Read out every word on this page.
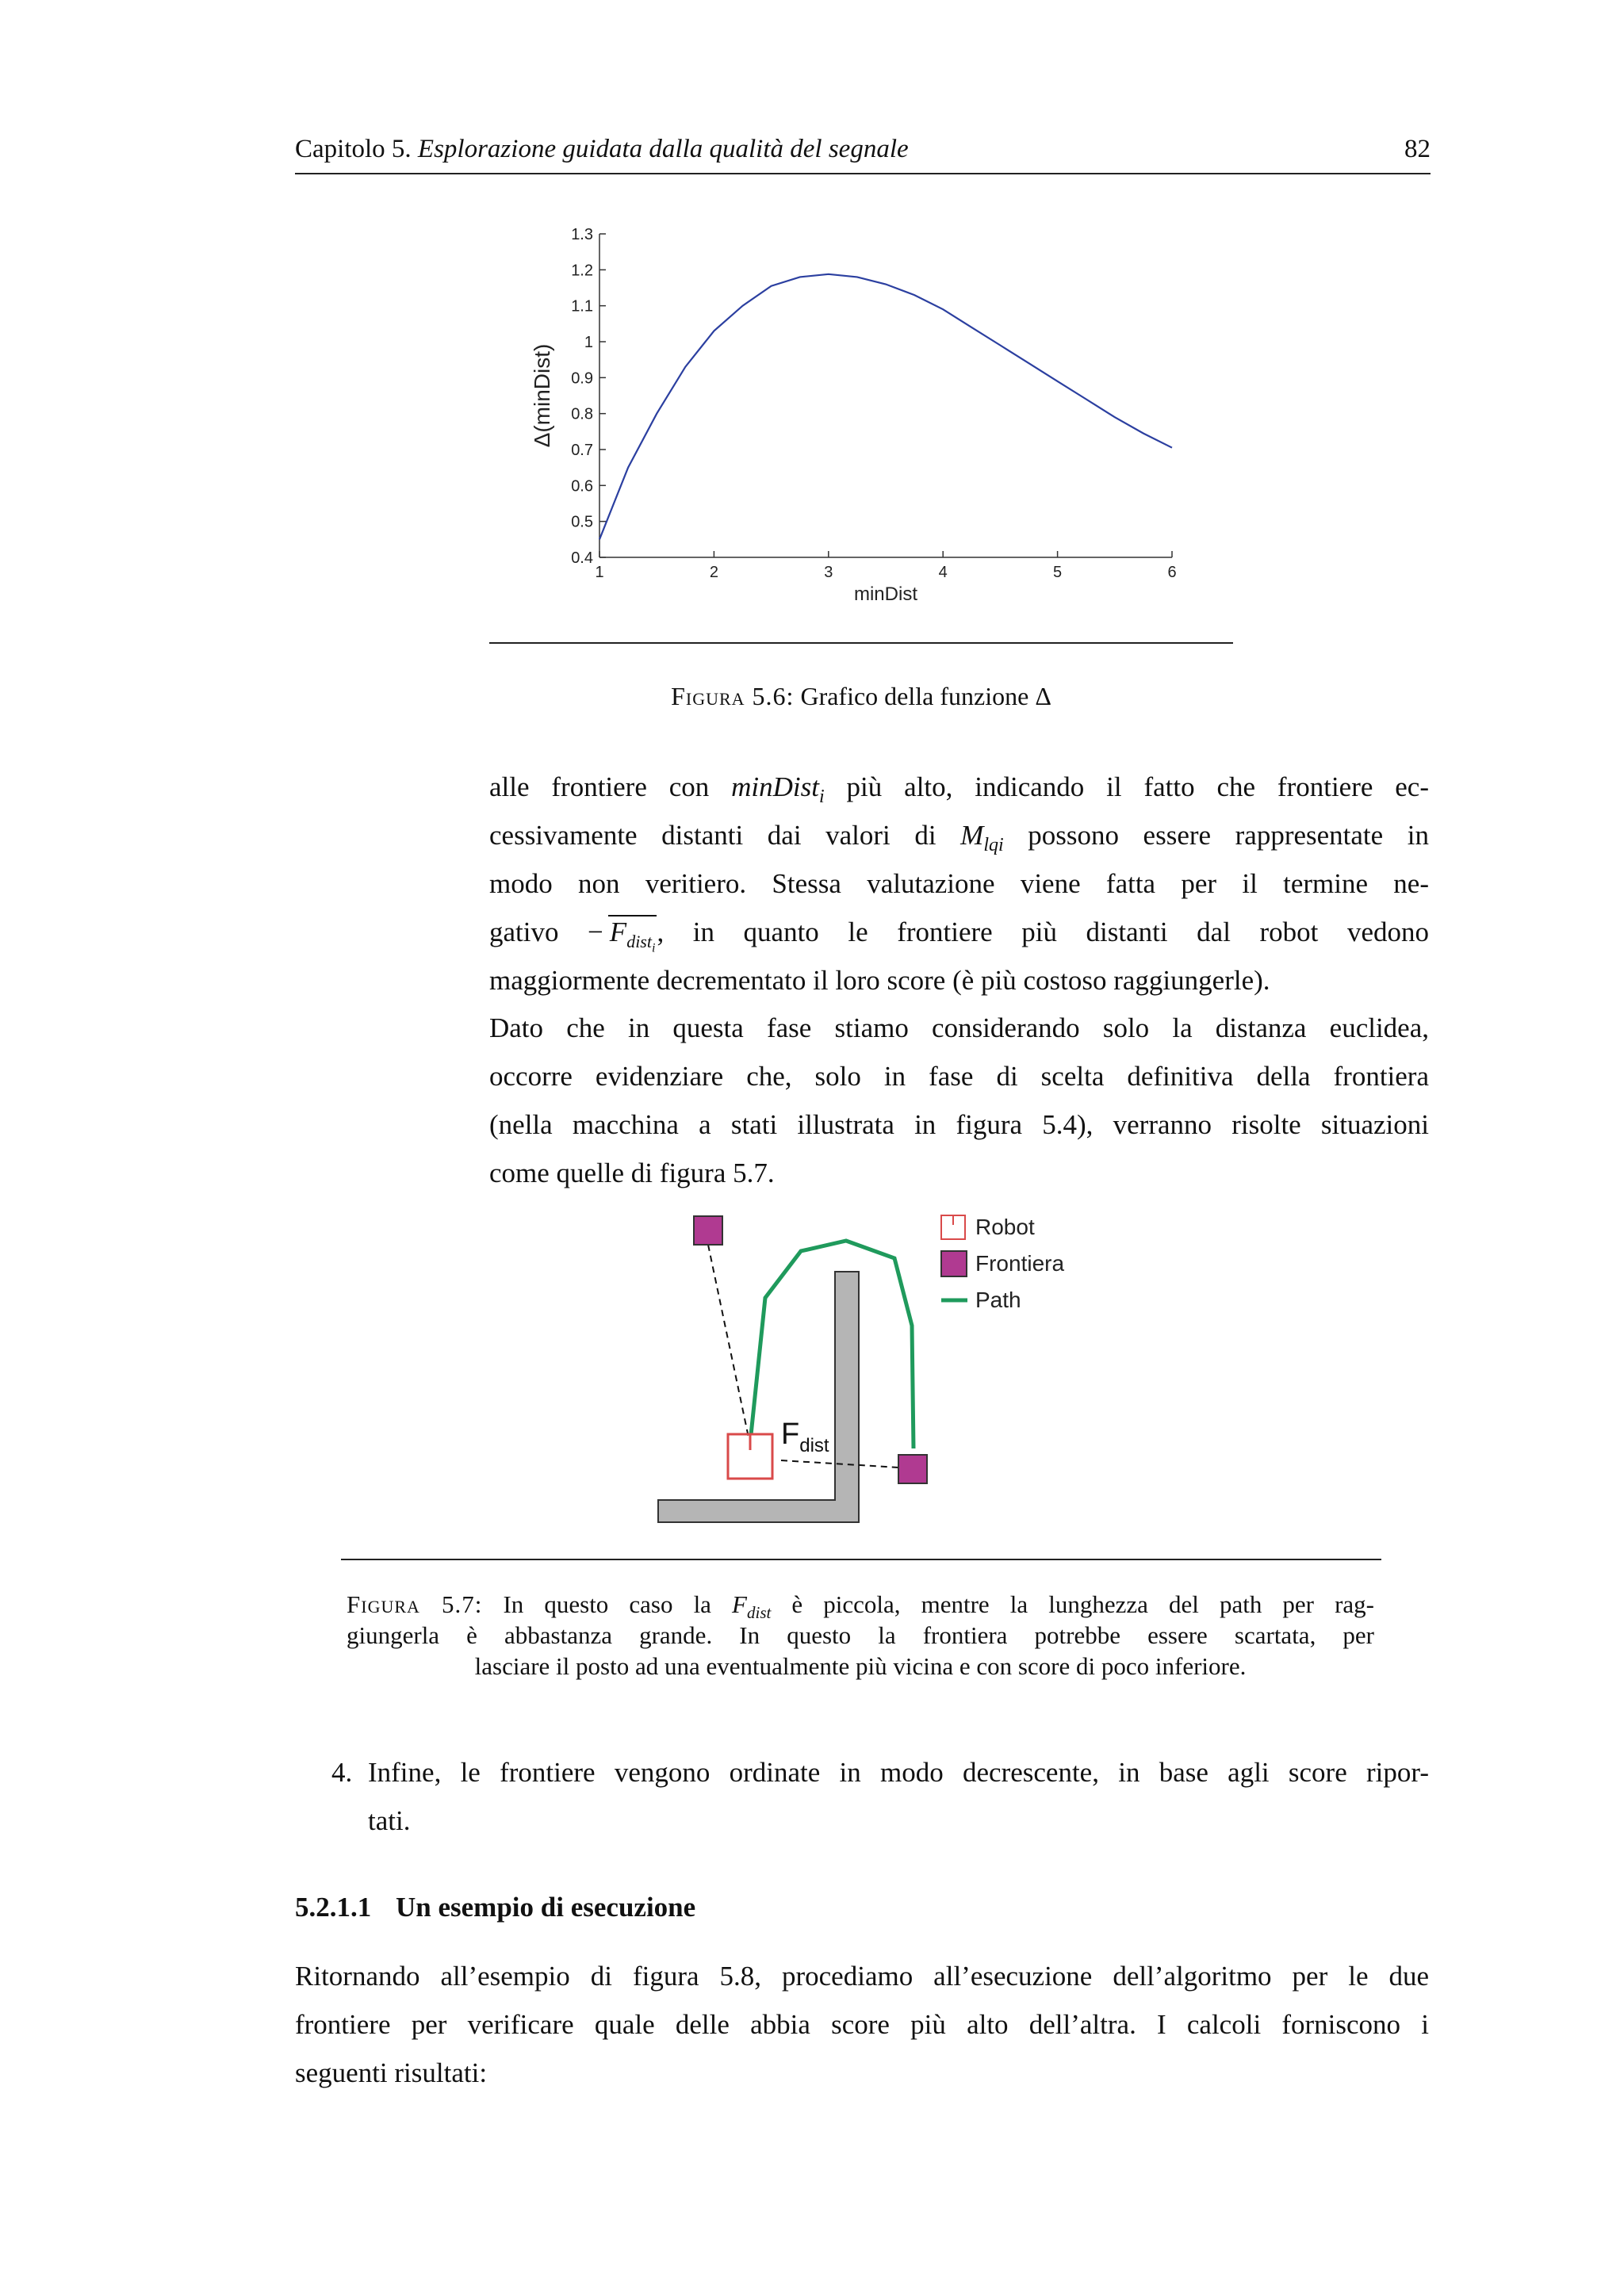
Capitolo 5. Esplorazione guidata dalla qualità del segnale	82
0.4
0.5
0.6
0.7
0.8
0.9
1
1.1
1.2
1.3
1	2	3	4	5	6
minDist
Δ(minDist)
Figura 5.6: Grafico della funzione Δ
alle frontiere con minDist$_i$ più alto, indicando il fatto che frontiere ec-
cessivamente distanti dai valori di $M_{lqi}$ possono essere rappresentate in
modo non veritiero. Stessa valutazione viene fatta per il termine ne-
gativo − $F_{dist_i}$, in quanto le frontiere più distanti dal robot vedono
maggiormente decrementato il loro score (è più costoso raggiungerle).
Dato che in questa fase stiamo considerando solo la distanza euclidea,
occorre evidenziare che, solo in fase di scelta definitiva della frontiera
(nella macchina a stati illustrata in figura 5.4), verranno risolte situazioni
come quelle di figura 5.7.
$F_{dist}$
Robot
Frontiera
Path
Figura 5.7: In questo caso la $F_{dist}$ è piccola, mentre la lunghezza del path per rag-
giungerla è abbastanza grande. In questo la frontiera potrebbe essere scartata, per
lasciare il posto ad una eventualmente più vicina e con score di poco inferiore.
4. Infine, le frontiere vengono ordinate in modo decrescente, in base agli score ripor-
tati.
5.2.1.1 Un esempio di esecuzione
Ritornando all’esempio di figura 5.8, procediamo all’esecuzione dell’algoritmo per le due
frontiere per verificare quale delle abbia score più alto dell’altra. I calcoli forniscono i
seguenti risultati:
